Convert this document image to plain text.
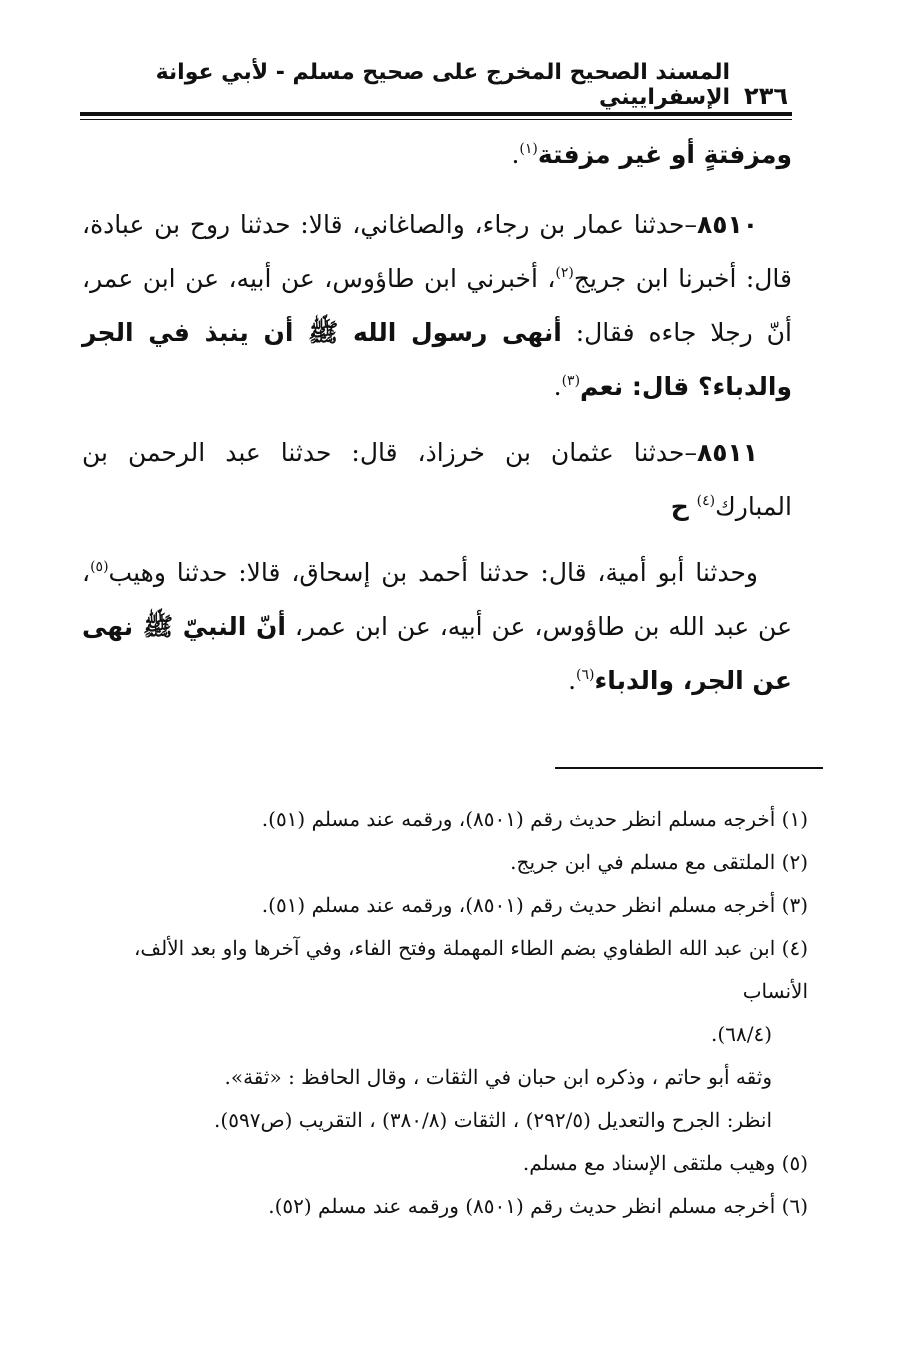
٢٣٦
المسند الصحيح المخرج على صحيح مسلم - لأبي عوانة الإسفراييني

ومزفتةٍ أو غير مزفتة$^{(١)}$.

٨٥١٠–حدثنا عمار بن رجاء، والصاغاني، قالا: حدثنا روح بن عبادة، قال: أخبرنا ابن جريج$^{(٢)}$، أخبرني ابن طاؤوس، عن أبيه، عن ابن عمر، أنّ رجلا جاءه فقال: أنهى رسول الله ﷺ أن ينبذ في الجر والدباء؟ قال: نعم$^{(٣)}$.

٨٥١١–حدثنا عثمان بن خرزاذ، قال: حدثنا عبد الرحمن بن المبارك$^{(٤)}$ ح

وحدثنا أبو أمية، قال: حدثنا أحمد بن إسحاق، قالا: حدثنا وهيب$^{(٥)}$، عن عبد الله بن طاؤوس، عن أبيه، عن ابن عمر، أنّ النبيّ ﷺ نهى عن الجر، والدباء$^{(٦)}$.

(١) أخرجه مسلم انظر حديث رقم (٨٥٠١)، ورقمه عند مسلم (٥١).

(٢) الملتقى مع مسلم في ابن جريج.

(٣) أخرجه مسلم انظر حديث رقم (٨٥٠١)، ورقمه عند مسلم (٥١).

(٤) ابن عبد الله الطفاوي بضم الطاء المهملة وفتح الفاء، وفي آخرها واو بعد الألف، الأنساب

(٦٨/٤).

وثقه أبو حاتم ، وذكره ابن حبان في الثقات ، وقال الحافظ : «ثقة».

انظر: الجرح والتعديل (٢٩٢/٥) ، الثقات (٣٨٠/٨) ، التقريب (ص٥٩٧).

(٥) وهيب ملتقى الإسناد مع مسلم.

(٦) أخرجه مسلم انظر حديث رقم (٨٥٠١) ورقمه عند مسلم (٥٢).
